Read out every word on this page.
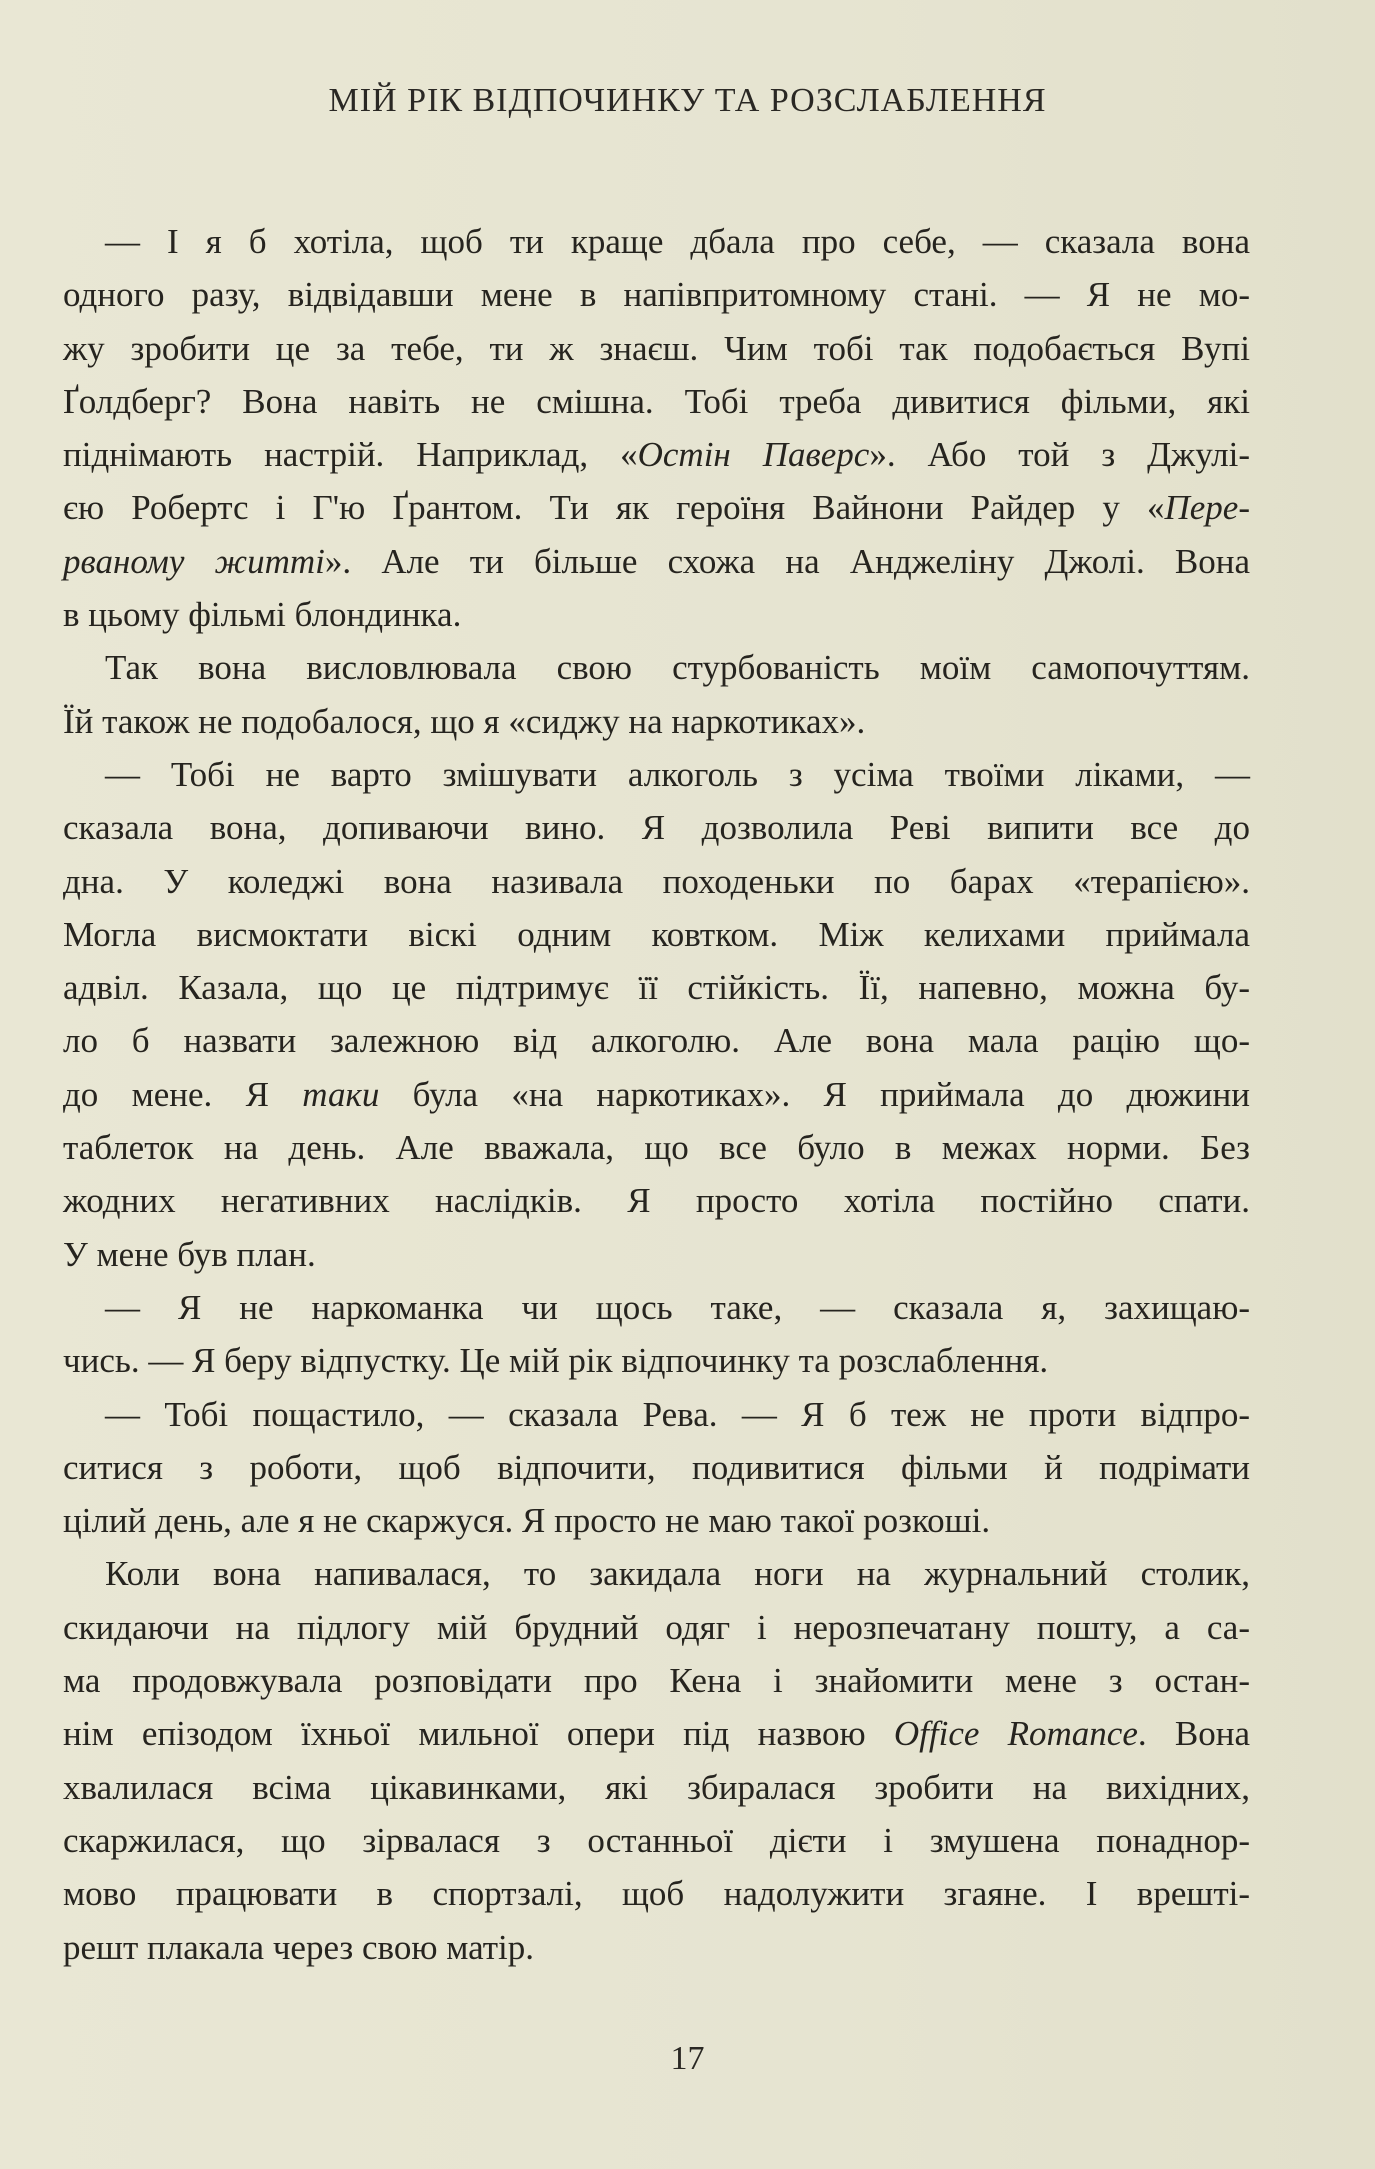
МІЙ РІК ВІДПОЧИНКУ ТА РОЗСЛАБЛЕННЯ
— І я б хотіла, щоб ти краще дбала про себе, — сказала вона
одного разу, відвідавши мене в напівпритомному стані. — Я не мо-
жу зробити це за тебе, ти ж знаєш. Чим тобі так подобається Вупі
Ґолдберг? Вона навіть не смішна. Тобі треба дивитися фільми, які
піднімають настрій. Наприклад, «Остін Паверс». Або той з Джулі-
єю Робертс і Г'ю Ґрантом. Ти як героїня Вайнони Райдер у «Пере-
рваному житті». Але ти більше схожа на Анджеліну Джолі. Вона
в цьому фільмі блондинка.
Так вона висловлювала свою стурбованість моїм самопочуттям.
Їй також не подобалося, що я «сиджу на наркотиках».
— Тобі не варто змішувати алкоголь з усіма твоїми ліками, —
сказала вона, допиваючи вино. Я дозволила Реві випити все до
дна. У коледжі вона називала походеньки по барах «терапією».
Могла висмоктати віскі одним ковтком. Між келихами приймала
адвіл. Казала, що це підтримує її стійкість. Її, напевно, можна бу-
ло б назвати залежною від алкоголю. Але вона мала рацію що-
до мене. Я таки була «на наркотиках». Я приймала до дюжини
таблеток на день. Але вважала, що все було в межах норми. Без
жодних негативних наслідків. Я просто хотіла постійно спати.
У мене був план.
— Я не наркоманка чи щось таке, — сказала я, захищаю-
чись. — Я беру відпустку. Це мій рік відпочинку та розслаблення.
— Тобі пощастило, — сказала Рева. — Я б теж не проти відпро-
ситися з роботи, щоб відпочити, подивитися фільми й подрімати
цілий день, але я не скаржуся. Я просто не маю такої розкоші.
Коли вона напивалася, то закидала ноги на журнальний столик,
скидаючи на підлогу мій брудний одяг і нерозпечатану пошту, а са-
ма продовжувала розповідати про Кена і знайомити мене з остан-
нім епізодом їхньої мильної опери під назвою Office Romance. Вона
хвалилася всіма цікавинками, які збиралася зробити на вихідних,
скаржилася, що зірвалася з останньої дієти і змушена понаднор-
мово працювати в спортзалі, щоб надолужити згаяне. І врешті-
решт плакала через свою матір.
17
